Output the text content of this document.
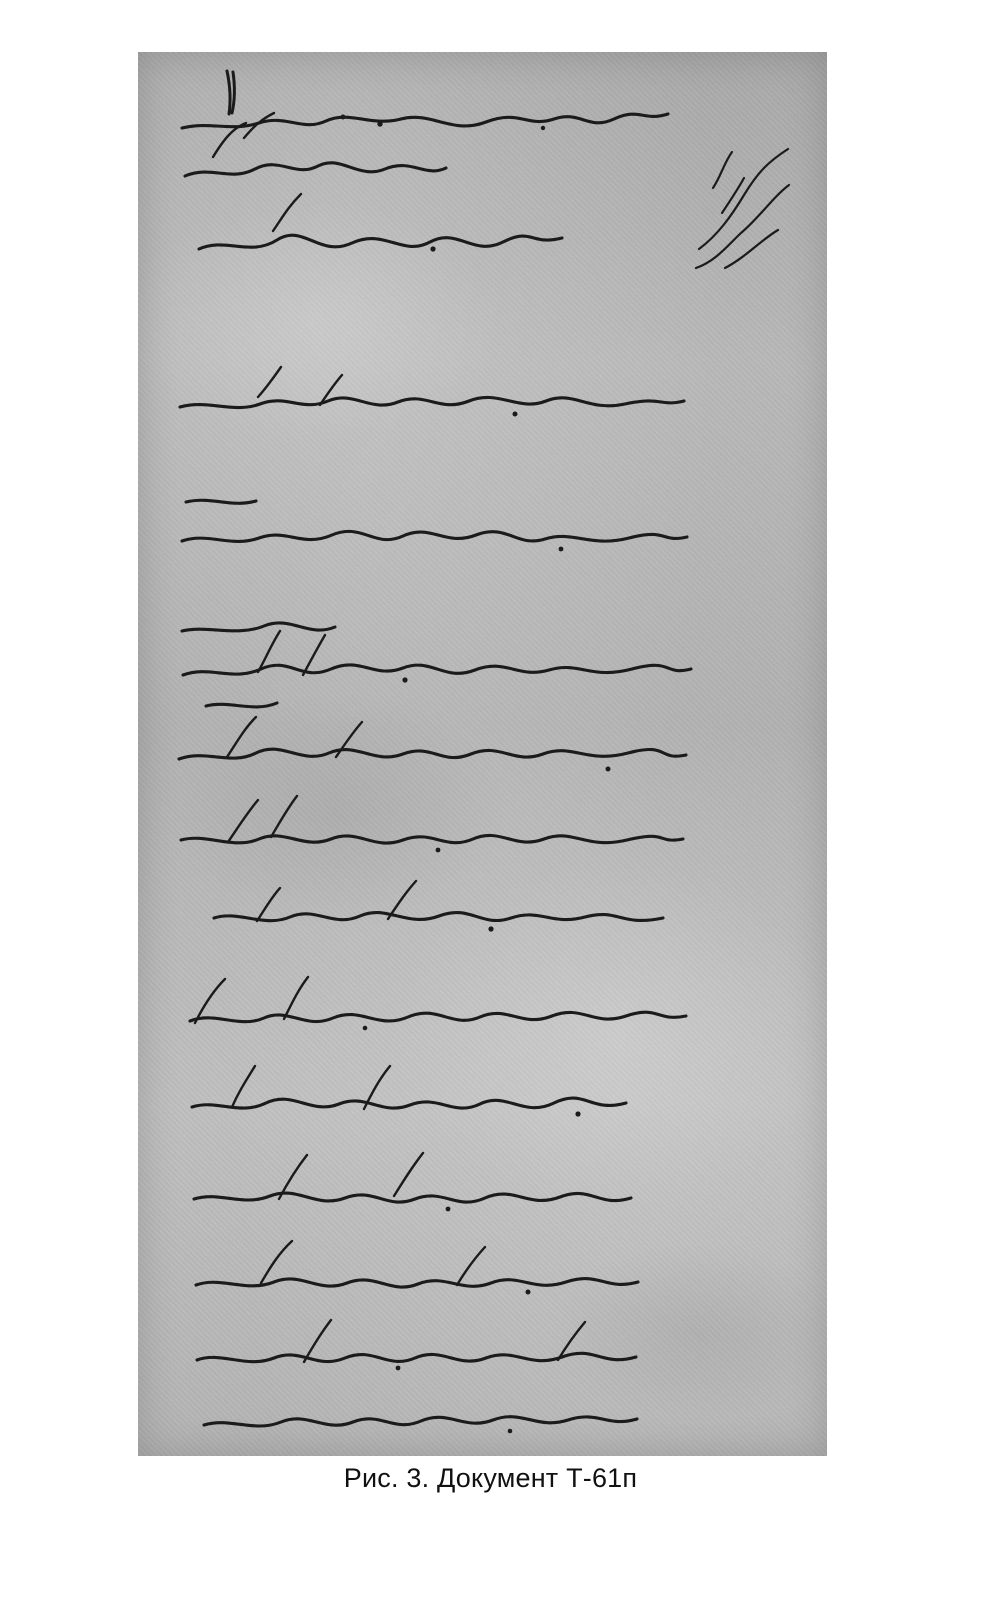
Рис. 3. Документ Т-61п
